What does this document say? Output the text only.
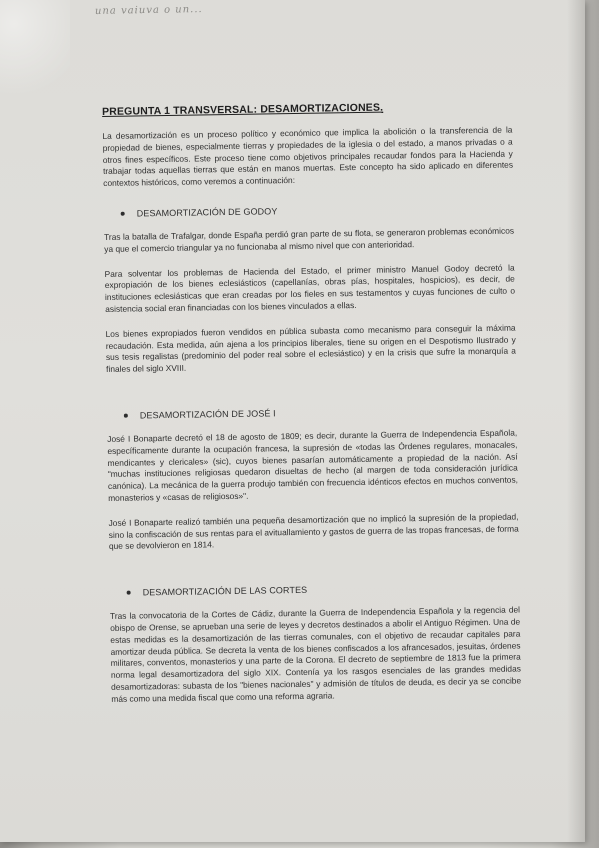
una vaiuva o un...
PREGUNTA 1 TRANSVERSAL: DESAMORTIZACIONES.

La desamortización es un proceso político y económico que implica la abolición o la transferencia de la propiedad de bienes, especialmente tierras y propiedades de la iglesia o del estado, a manos privadas o a otros fines específicos. Este proceso tiene como objetivos principales recaudar fondos para la Hacienda y trabajar todas aquellas tierras que están en manos muertas. Este concepto ha sido aplicado en diferentes contextos históricos, como veremos a continuación:

DESAMORTIZACIÓN DE GODOY

Tras la batalla de Trafalgar, donde España perdió gran parte de su flota, se generaron problemas económicos ya que el comercio triangular ya no funcionaba al mismo nivel que con anterioridad.

Para solventar los problemas de Hacienda del Estado, el primer ministro Manuel Godoy decretó la expropiación de los bienes eclesiásticos (capellanías, obras pías, hospitales, hospicios), es decir, de instituciones eclesiásticas que eran creadas por los fieles en sus testamentos y cuyas funciones de culto o asistencia social eran financiadas con los bienes vinculados a ellas.

Los bienes expropiados fueron vendidos en pública subasta como mecanismo para conseguir la máxima recaudación. Esta medida, aún ajena a los principios liberales, tiene su origen en el Despotismo Ilustrado y sus tesis regalistas (predominio del poder real sobre el eclesiástico) y en la crisis que sufre la monarquía a finales del siglo XVIII.

DESAMORTIZACIÓN DE JOSÉ I

José I Bonaparte decretó el 18 de agosto de 1809; es decir, durante la Guerra de Independencia Española, específicamente durante la ocupación francesa, la supresión de «todas las Órdenes regulares, monacales, mendicantes y clericales» (sic), cuyos bienes pasarían automáticamente a propiedad de la nación. Así "muchas instituciones religiosas quedaron disueltas de hecho (al margen de toda consideración jurídica canónica). La mecánica de la guerra produjo también con frecuencia idénticos efectos en muchos conventos, monasterios y «casas de religiosos»".

José I Bonaparte realizó también una pequeña desamortización que no implicó la supresión de la propiedad, sino la confiscación de sus rentas para el avituallamiento y gastos de guerra de las tropas francesas, de forma que se devolvieron en 1814.

DESAMORTIZACIÓN DE LAS CORTES

Tras la convocatoria de la Cortes de Cádiz, durante la Guerra de Independencia Española y la regencia del obispo de Orense, se aprueban una serie de leyes y decretos destinados a abolir el Antiguo Régimen. Una de estas medidas es la desamortización de las tierras comunales, con el objetivo de recaudar capitales para amortizar deuda pública. Se decreta la venta de los bienes confiscados a los afrancesados, jesuitas, órdenes militares, conventos, monasterios y una parte de la Corona. El decreto de septiembre de 1813 fue la primera norma legal desamortizadora del siglo XIX. Contenía ya los rasgos esenciales de las grandes medidas desamortizadoras: subasta de los "bienes nacionales" y admisión de títulos de deuda, es decir ya se concibe más como una medida fiscal que como una reforma agraria.
